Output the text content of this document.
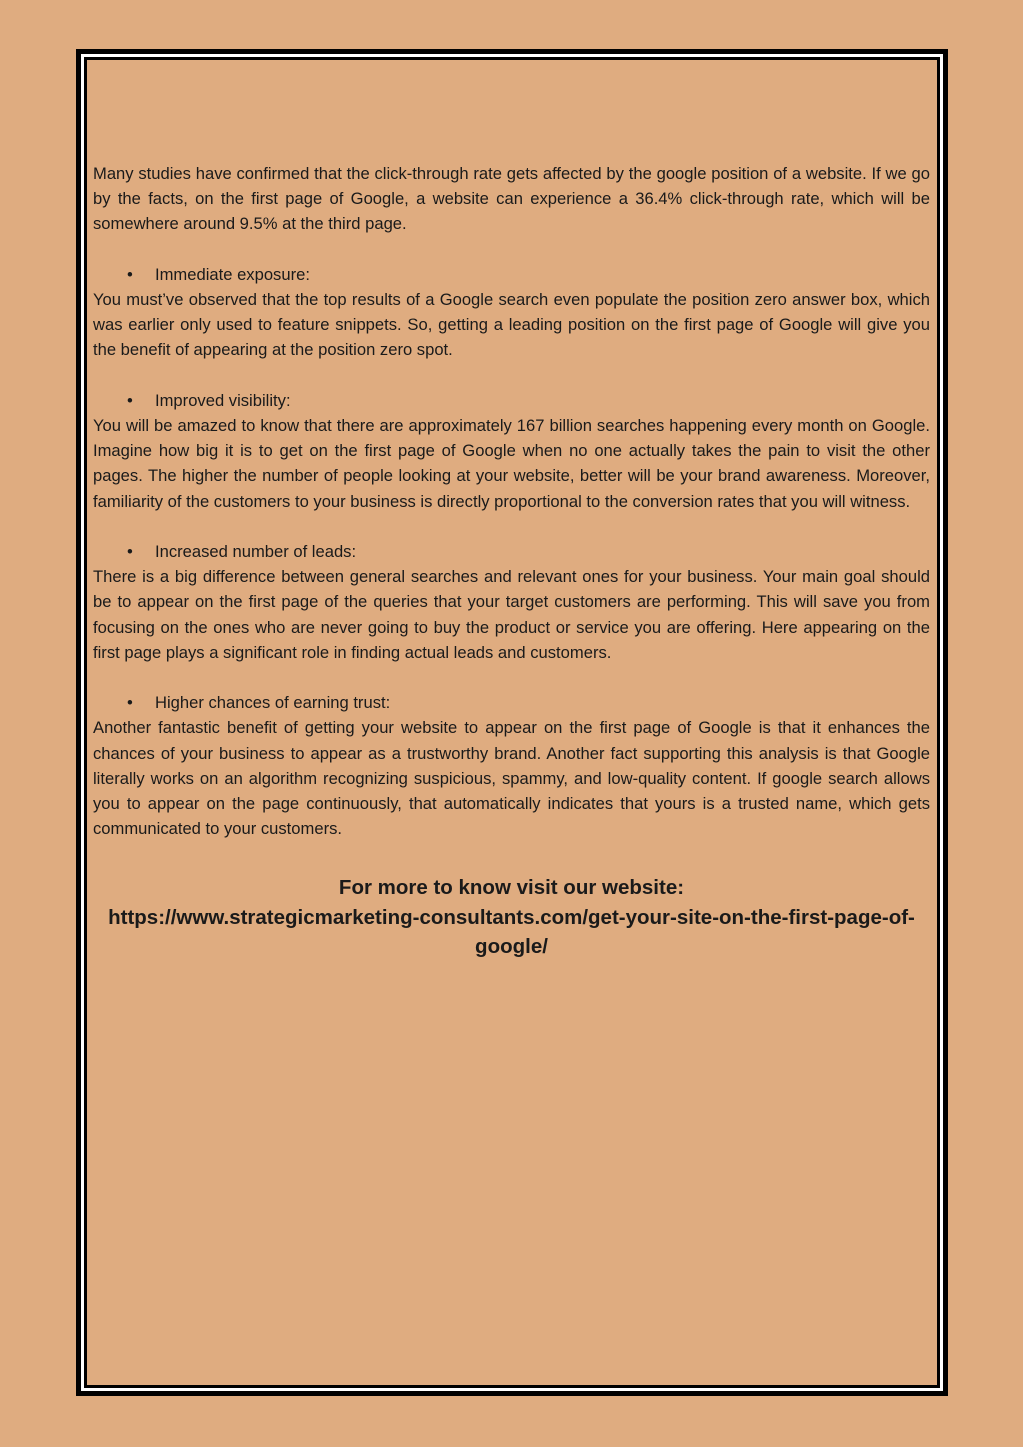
Many studies have confirmed that the click-through rate gets affected by the google position of a website. If we go by the facts, on the first page of Google, a website can experience a 36.4% click-through rate, which will be somewhere around 9.5% at the third page.

• Immediate exposure:

You must’ve observed that the top results of a Google search even populate the position zero answer box, which was earlier only used to feature snippets. So, getting a leading position on the first page of Google will give you the benefit of appearing at the position zero spot.

• Improved visibility:

You will be amazed to know that there are approximately 167 billion searches happening every month on Google. Imagine how big it is to get on the first page of Google when no one actually takes the pain to visit the other pages. The higher the number of people looking at your website, better will be your brand awareness. Moreover, familiarity of the customers to your business is directly proportional to the conversion rates that you will witness.

• Increased number of leads:

There is a big difference between general searches and relevant ones for your business. Your main goal should be to appear on the first page of the queries that your target customers are performing. This will save you from focusing on the ones who are never going to buy the product or service you are offering. Here appearing on the first page plays a significant role in finding actual leads and customers.

• Higher chances of earning trust:

Another fantastic benefit of getting your website to appear on the first page of Google is that it enhances the chances of your business to appear as a trustworthy brand. Another fact supporting this analysis is that Google literally works on an algorithm recognizing suspicious, spammy, and low-quality content. If google search allows you to appear on the page continuously, that automatically indicates that yours is a trusted name, which gets communicated to your customers.

For more to know visit our website:
https://www.strategicmarketing-consultants.com/get-your-site-on-the-first-page-of-google/
